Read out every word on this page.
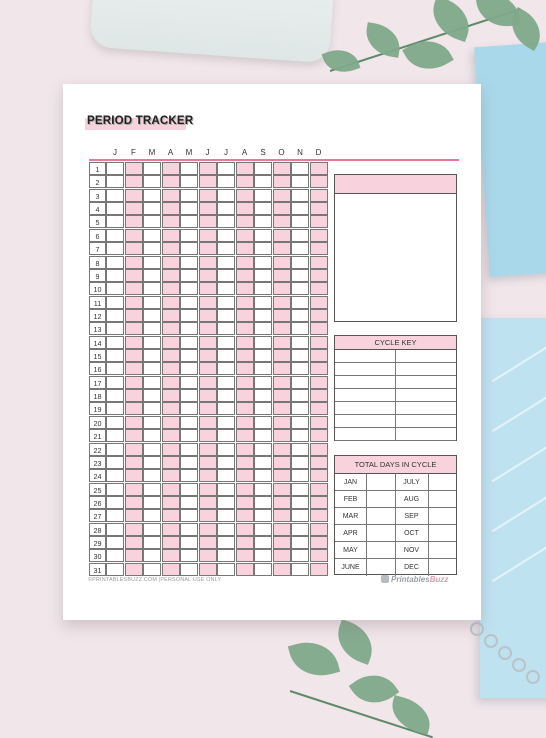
PERIOD TRACKER
J	F	M	A	M	J	J	A	S	O	N	D
1
2
3
4
5
6
7
8
9
10
11
12
13
14
15
16
17
18
19
20
21
22
23
24
25
26
27
28
29
30
31
CYCLE KEY
TOTAL DAYS IN CYCLE
JAN	JULY
FEB	AUG
MAR	SEP
APR	OCT
MAY	NOV
JUNE	DEC
©PRINTABLESBUZZ.COM |PERSONAL USE ONLY	PrintablesBuzz
